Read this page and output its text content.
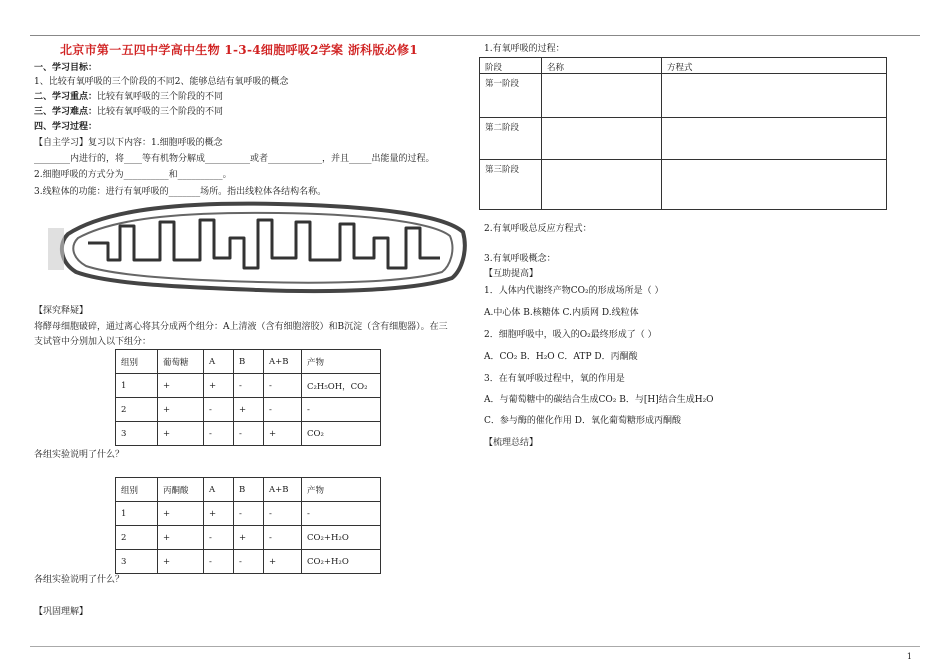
北京市第一五四中学高中生物 1-3-4细胞呼吸2学案 浙科版必修1
一、学习目标：
1、比较有氧呼吸的三个阶段的不同2、能够总结有氧呼吸的概念
二、学习重点：比较有氧呼吸的三个阶段的不同
三、学习难点：比较有氧呼吸的三个阶段的不同
四、学习过程：
【自主学习】复习以下内容：1.细胞呼吸的概念
________内进行的，将____等有机物分解成__________或者____________，并且_____出能量的过程。
2.细胞呼吸的方式分为__________和__________。
3.线粒体的功能：进行有氧呼吸的_______场所。指出线粒体各结构名称。
【探究释疑】
将酵母细胞破碎，通过离心将其分成两个组分：A上清液（含有细胞溶胶）和B沉淀（含有细胞器）。在三
支试管中分别加入以下组分：
组别	葡萄糖	A	B	A+B	产物
1	+	+	-	-	C₂H₅OH，CO₂
2	+	-	+	-	-
3	+	-	-	+	CO₂
各组实验说明了什么？
组别	丙酮酸	A	B	A+B	产物
1	+	+	-	-	-
2	+	-	+	-	CO₂+H₂O
3	+	-	-	+	CO₂+H₂O
各组实验说明了什么？
【巩固理解】
1.有氧呼吸的过程：
阶段	名称	方程式
第一阶段		
第二阶段		
第三阶段		
2.有氧呼吸总反应方程式：
3.有氧呼吸概念：
【互助提高】
1．人体内代谢终产物CO₂的形成场所是（ ）
A.中心体 B.核糖体 C.内质网 D.线粒体
2．细胞呼吸中，吸入的O₂最终形成了（ ）
A．CO₂ B．H₂O C．ATP D．丙酮酸
3．在有氧呼吸过程中，氧的作用是
A．与葡萄糖中的碳结合生成CO₂ B．与[H]结合生成H₂O
C．参与酶的催化作用 D．氧化葡萄糖形成丙酮酸
【梳理总结】
1
